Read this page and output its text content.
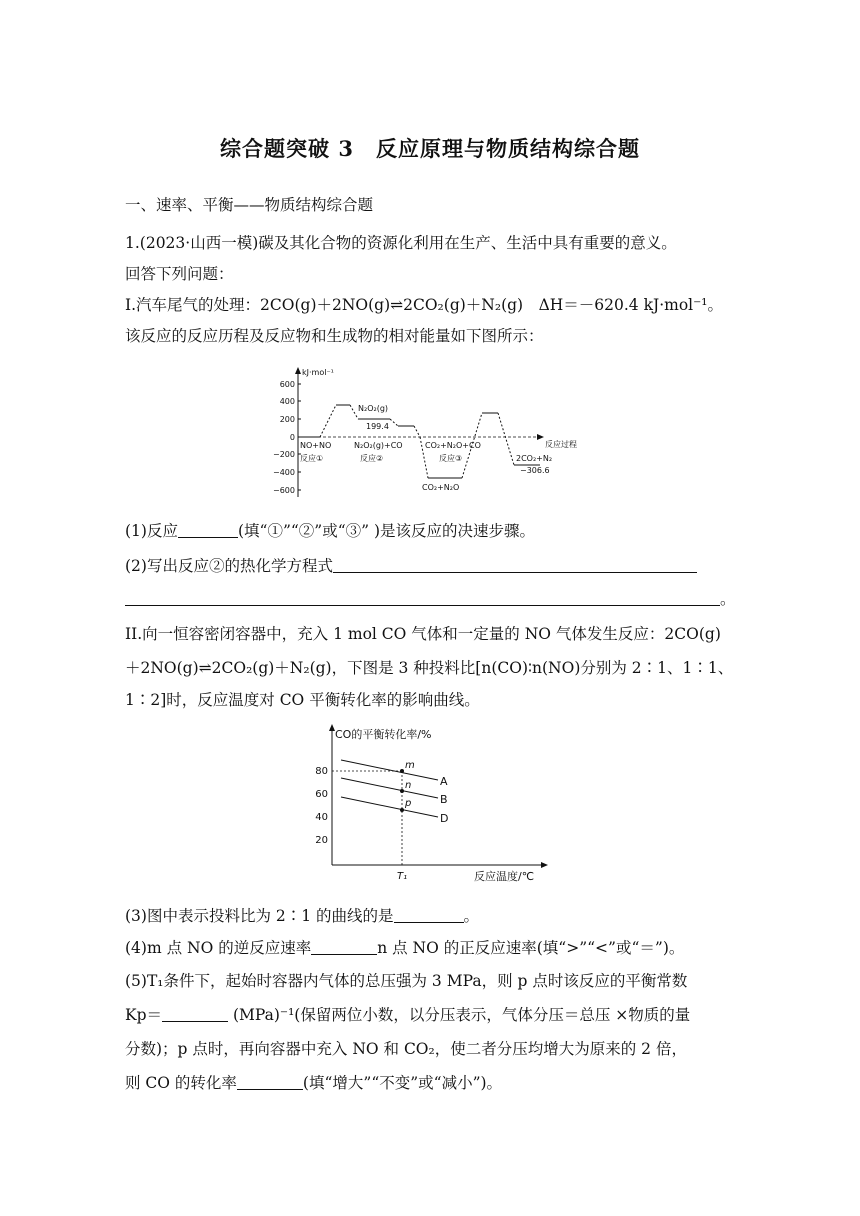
综合题突破 3　反应原理与物质结构综合题
一、速率、平衡——物质结构综合题
1.(2023·山西一模)碳及其化合物的资源化利用在生产、生活中具有重要的意义。
回答下列问题：
I.汽车尾气的处理：2CO(g)＋2NO(g)⇌2CO₂(g)＋N₂(g)　ΔH＝－620.4 kJ·mol⁻¹。
该反应的反应历程及反应物和生成物的相对能量如下图所示：
kJ·mol⁻¹
600
400
200
0
−200
−400
−600
反应过程
N₂O₂(g)
199.4
NO+NO
反应①
N₂O₂(g)+CO
反应②
CO₂+N₂O+CO
反应③
CO₂+N₂O
2CO₂+N₂
−306.6
(1)反应	(填“①”“②”或“③” )是该反应的决速步骤。
(2)写出反应②的热化学方程式
。
II.向一恒容密闭容器中，充入 1 mol CO 气体和一定量的 NO 气体发生反应：2CO(g)
＋2NO(g)⇌2CO₂(g)＋N₂(g)，下图是 3 种投料比[n(CO)∶n(NO)分别为 2∶1、1∶1、
1∶2]时，反应温度对 CO 平衡转化率的影响曲线。
CO的平衡转化率/%
反应温度/℃
80
60
40
20
T₁
m
n
p
A
B
D
(3)图中表示投料比为 2∶1 的曲线的是	。
(4)m 点 NO 的逆反应速率	n 点 NO 的正反应速率(填“>”“<”或“＝”)。
(5)T₁条件下，起始时容器内气体的总压强为 3 MPa，则 p 点时该反应的平衡常数
Kp＝	(MPa)⁻¹(保留两位小数，以分压表示，气体分压＝总压 ×物质的量
分数)；p 点时，再向容器中充入 NO 和 CO₂，使二者分压均增大为原来的 2 倍，
则 CO 的转化率	(填“增大”“不变”或“减小”)。
